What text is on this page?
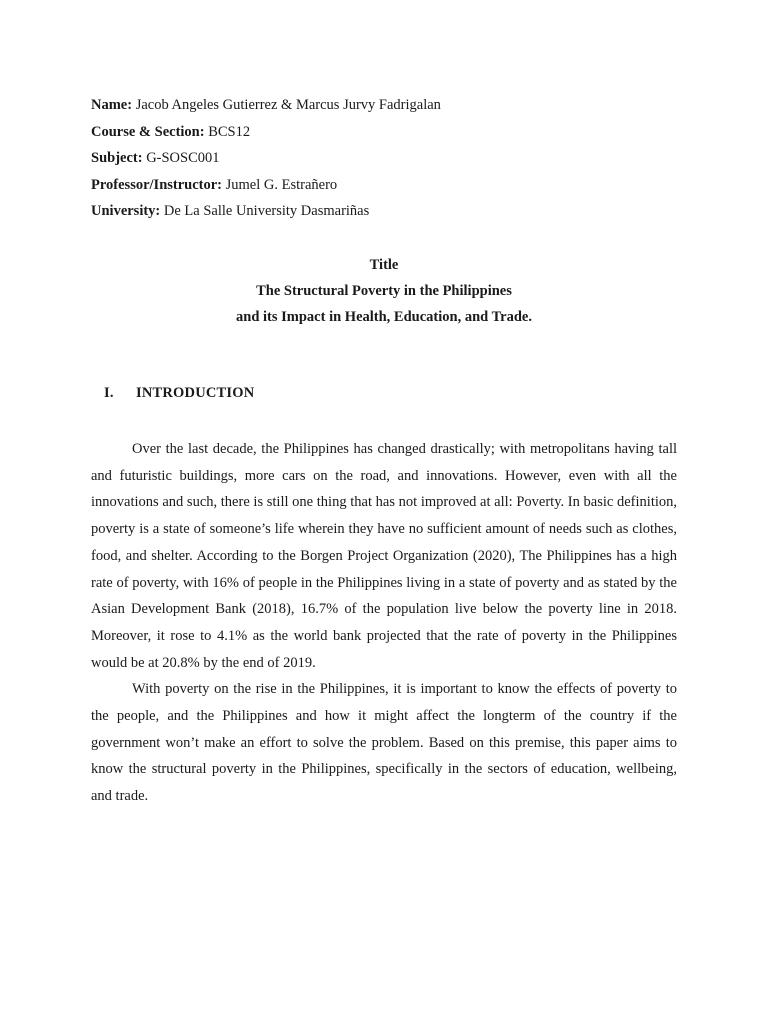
Name: Jacob Angeles Gutierrez & Marcus Jurvy Fadrigalan
Course & Section: BCS12
Subject: G-SOSC001
Professor/Instructor: Jumel G. Estrañero
University: De La Salle University Dasmariñas
Title
The Structural Poverty in the Philippines
and its Impact in Health, Education, and Trade.
I. INTRODUCTION

Over the last decade, the Philippines has changed drastically; with metropolitans having tall and futuristic buildings, more cars on the road, and innovations. However, even with all the innovations and such, there is still one thing that has not improved at all: Poverty. In basic definition, poverty is a state of someone’s life wherein they have no sufficient amount of needs such as clothes, food, and shelter. According to the Borgen Project Organization (2020), The Philippines has a high rate of poverty, with 16% of people in the Philippines living in a state of poverty and as stated by the Asian Development Bank (2018), 16.7% of the population live below the poverty line in 2018. Moreover, it rose to 4.1% as the world bank projected that the rate of poverty in the Philippines would be at 20.8% by the end of 2019.

With poverty on the rise in the Philippines, it is important to know the effects of poverty to the people, and the Philippines and how it might affect the longterm of the country if the government won’t make an effort to solve the problem. Based on this premise, this paper aims to know the structural poverty in the Philippines, specifically in the sectors of education, wellbeing, and trade.
